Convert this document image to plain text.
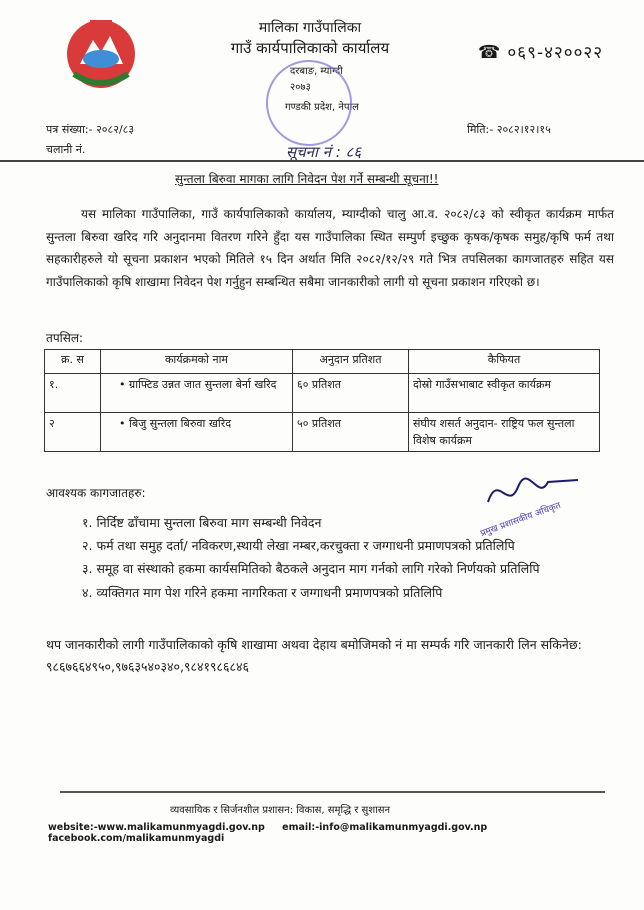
मालिका गाउँपालिका
गाउँ कार्यपालिकाको कार्यालय
दरबाङ, म्याग्दी
२०७३
गण्डकी प्रदेश, नेपाल
☎ ०६९-४२००२२
पत्र संख्या:- २०८२/८३
चलानी नं.
मिति:- २०८२।१२।१५
सूचना नं : ८६
सुन्तला बिरुवा मागका लागि निवेदन पेश गर्ने सम्बन्धी सूचना!!
यस मालिका गाउँपालिका, गाउँ कार्यपालिकाको कार्यालय, म्याग्दीको चालु आ.व. २०८२/८३ को स्वीकृत कार्यक्रम मार्फत सुन्तला बिरुवा खरिद गरि अनुदानमा वितरण गरिने हुँदा यस गाउँपालिका स्थित सम्पुर्ण इच्छुक कृषक/कृषक समुह/कृषि फर्म तथा सहकारीहरुले यो सूचना प्रकाशन भएको मितिले १५ दिन अर्थात मिति २०८२/१२/२९ गते भित्र तपसिलका कागजातहरु सहित यस गाउँपालिकाको कृषि शाखामा निवेदन पेश गर्नुहुन सम्बन्धित सबैमा जानकारीको लागी यो सूचना प्रकाशन गरिएको छ।
तपसिल:
क्र. स	कार्यक्रमको नाम	अनुदान प्रतिशत	कैफियत
१.	• ग्राफ्टिड उन्नत जात सुन्तला बेर्ना खरिद	६० प्रतिशत	दोस्रो गाउँसभाबाट स्वीकृत कार्यक्रम
२	• बिजु सुन्तला बिरुवा खरिद	५० प्रतिशत	संघीय शसर्त अनुदान- राष्ट्रिय फल सुन्तला विशेष कार्यक्रम
आवश्यक कागजातहरु:
प्रमुख प्रशासकीय अधिकृत
१. निर्दिष्ट ढाँचामा सुन्तला बिरुवा माग सम्बन्धी निवेदन
२. फर्म तथा समुह दर्ता/ नविकरण,स्थायी लेखा नम्बर,करचुक्ता र जग्गाधनी प्रमाणपत्रको प्रतिलिपि
३. समूह वा संस्थाको हकमा कार्यसमितिको बैठकले अनुदान माग गर्नको लागि गरेको निर्णयको प्रतिलिपि
४. व्यक्तिगत माग पेश गरिने हकमा नागरिकता र जग्गाधनी प्रमाणपत्रको प्रतिलिपि
थप जानकारीको लागी गाउँपालिकाको कृषि शाखामा अथवा देहाय बमोजिमको नं मा सम्पर्क गरि जानकारी लिन सकिनेछ: ९८६७६६४९५०,९७६३५४०३४०,९८४१९८६८४६
व्यवसायिक र सिर्जनशील प्रशासन: विकास, समृद्धि र सुशासन
website:-www.malikamunmyagdi.gov.np email:-info@malikamunmyagdi.gov.np facebook.com/malikamunmyagdi
